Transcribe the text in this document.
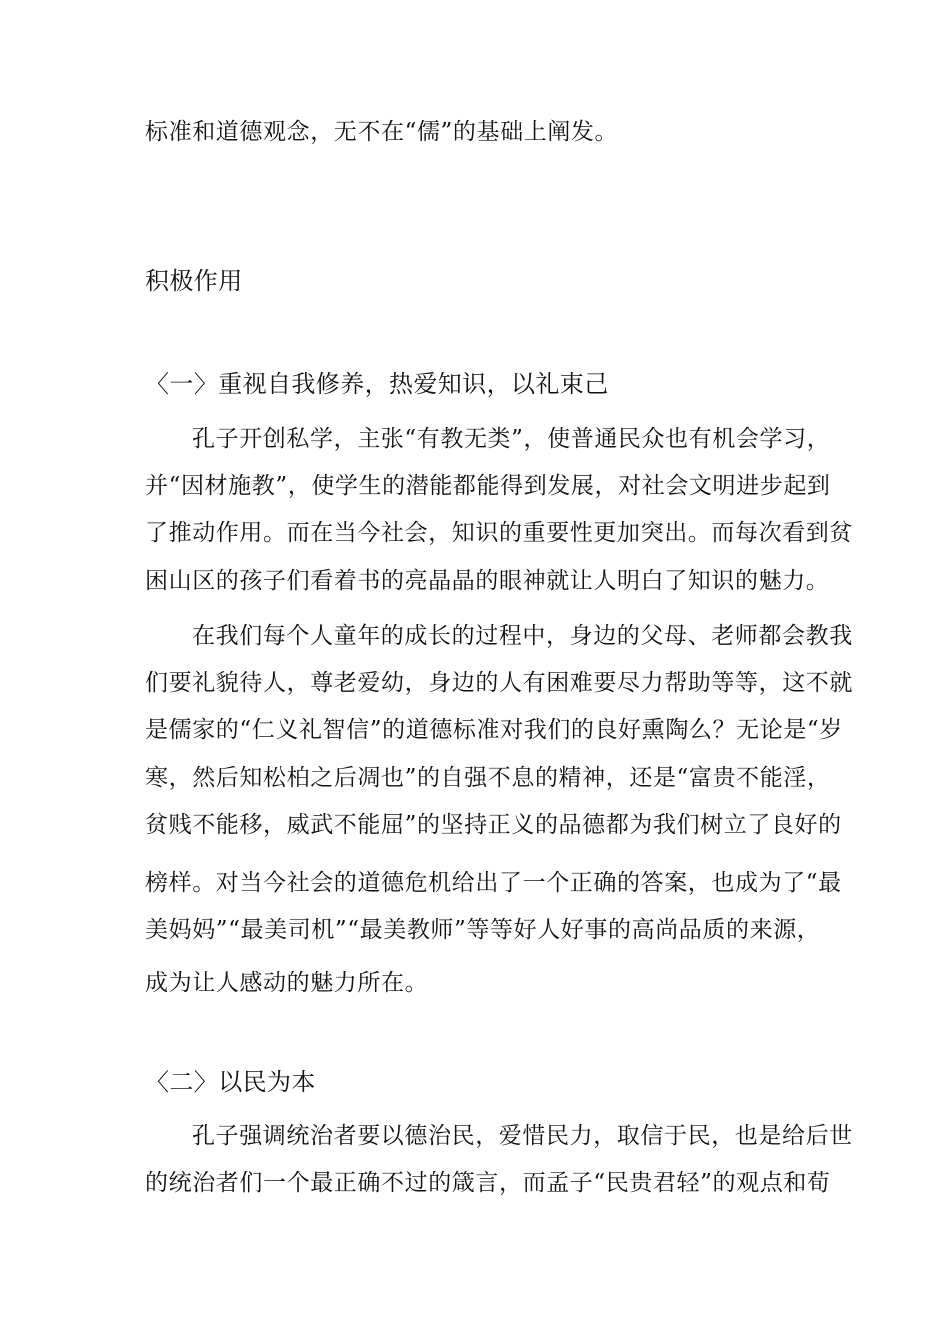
标准和道德观念，无不在“儒”的基础上阐发。
积极作用
〈一〉重视自我修养，热爱知识，以礼束己
孔子开创私学，主张“有教无类”，使普通民众也有机会学习，
并“因材施教”，使学生的潜能都能得到发展，对社会文明进步起到
了推动作用。而在当今社会，知识的重要性更加突出。而每次看到贫
困山区的孩子们看着书的亮晶晶的眼神就让人明白了知识的魅力。
在我们每个人童年的成长的过程中，身边的父母、老师都会教我
们要礼貌待人，尊老爱幼，身边的人有困难要尽力帮助等等，这不就
是儒家的“仁义礼智信”的道德标准对我们的良好熏陶么？无论是“岁
寒，然后知松柏之后凋也”的自强不息的精神，还是“富贵不能淫，
贫贱不能移，威武不能屈”的坚持正义的品德都为我们树立了良好的
榜样。对当今社会的道德危机给出了一个正确的答案，也成为了“最
美妈妈”“最美司机”“最美教师”等等好人好事的高尚品质的来源，
成为让人感动的魅力所在。
〈二〉以民为本
孔子强调统治者要以德治民，爱惜民力，取信于民，也是给后世
的统治者们一个最正确不过的箴言，而孟子“民贵君轻”的观点和荀
